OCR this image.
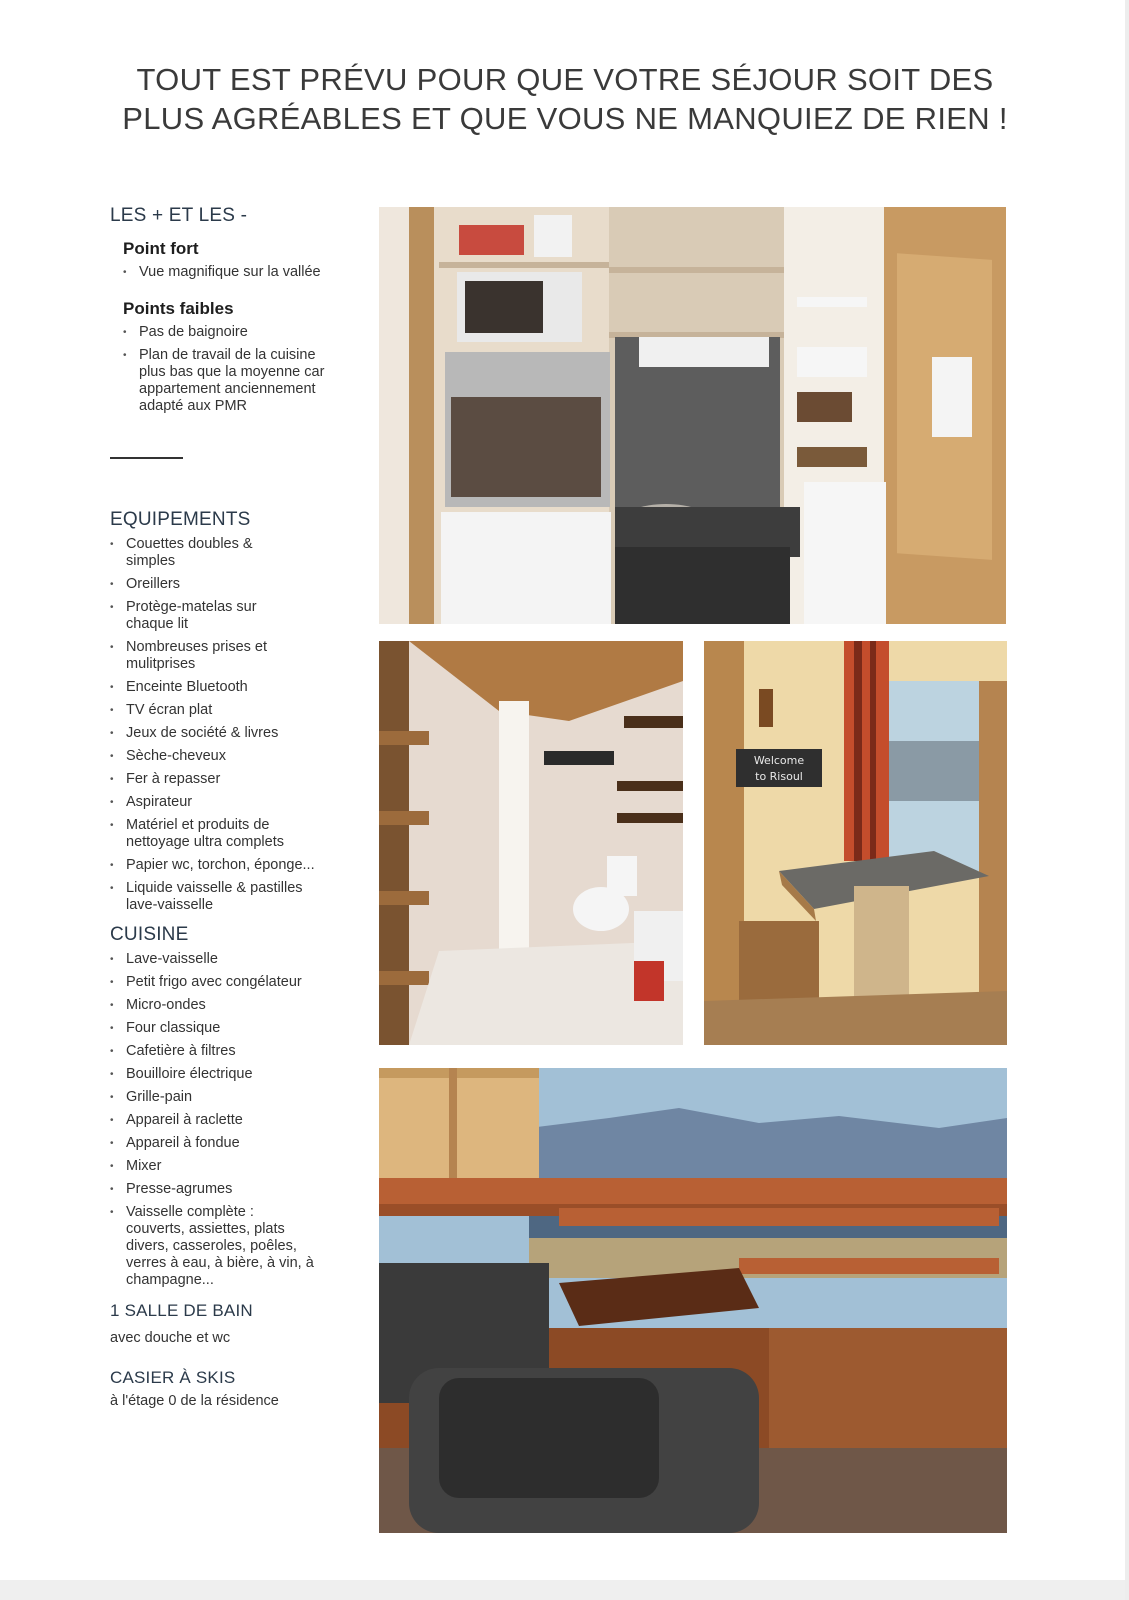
TOUT EST PRÉVU POUR QUE VOTRE SÉJOUR SOIT DES
PLUS AGRÉABLES ET QUE VOUS NE MANQUIEZ DE RIEN !
LES + ET LES -
Point fort
• Vue magnifique sur la vallée
Points faibles
• Pas de baignoire
• Plan de travail de la cuisine plus bas que la moyenne car appartement anciennement adapté aux PMR
EQUIPEMENTS
• Couettes doubles & simples
• Oreillers
• Protège-matelas sur chaque lit
• Nombreuses prises et mulitprises
• Enceinte Bluetooth
• TV écran plat
• Jeux de société & livres
• Sèche-cheveux
• Fer à repasser
• Aspirateur
• Matériel et produits de nettoyage ultra complets
• Papier wc, torchon, éponge...
• Liquide vaisselle & pastilles lave-vaisselle
CUISINE
• Lave-vaisselle
• Petit frigo avec congélateur
• Micro-ondes
• Four classique
• Cafetière à filtres
• Bouilloire électrique
• Grille-pain
• Appareil à raclette
• Appareil à fondue
• Mixer
• Presse-agrumes
• Vaisselle complète : couverts, assiettes, plats divers, casseroles, poêles, verres à eau, à bière, à vin, à champagne...
1 SALLE DE BAIN
avec douche et wc
CASIER À SKIS
à l'étage 0 de la résidence
Welcome
to Risoul
